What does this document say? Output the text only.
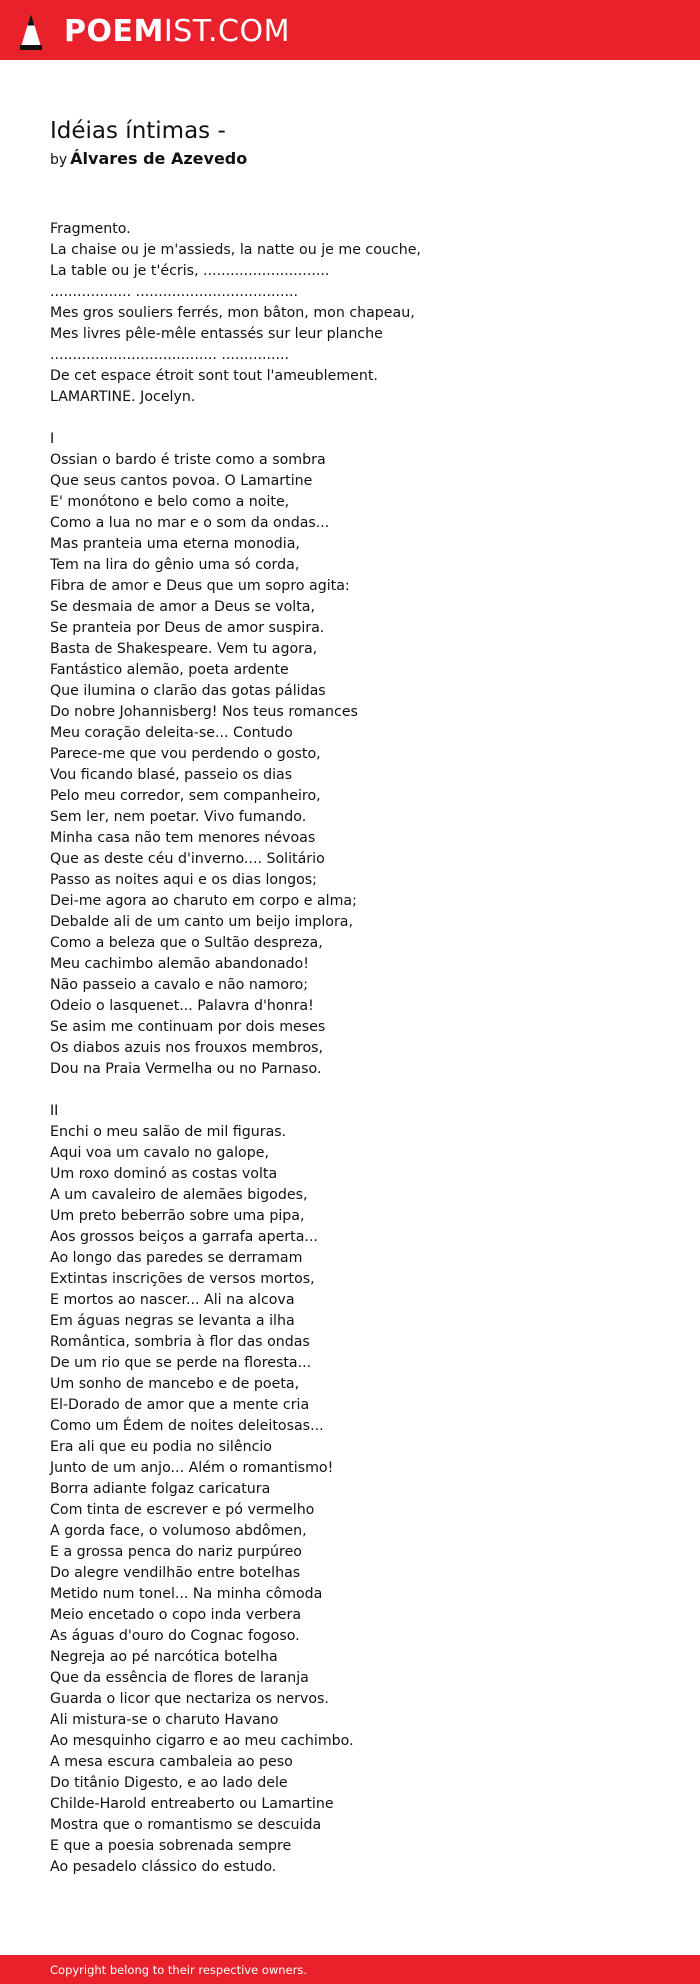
POEMIST.COM
Idéias íntimas -
by Álvares de Azevedo
Fragmento.
La chaise ou je m'assieds, la natte ou je me couche,
La table ou je t'écris, ............................
.................. ....................................
Mes gros souliers ferrés, mon bâton, mon chapeau,
Mes livres pêle-mêle entassés sur leur planche
..................................... ...............
De cet espace étroit sont tout l'ameublement.
LAMARTINE. Jocelyn.
I
Ossian o bardo é triste como a sombra
Que seus cantos povoa. O Lamartine
E' monótono e belo como a noite,
Como a lua no mar e o som da ondas...
Mas pranteia uma eterna monodia,
Tem na lira do gênio uma só corda,
Fibra de amor e Deus que um sopro agita:
Se desmaia de amor a Deus se volta,
Se pranteia por Deus de amor suspira.
Basta de Shakespeare. Vem tu agora,
Fantástico alemão, poeta ardente
Que ilumina o clarão das gotas pálidas
Do nobre Johannisberg! Nos teus romances
Meu coração deleita-se... Contudo
Parece-me que vou perdendo o gosto,
Vou ficando blasé, passeio os dias
Pelo meu corredor, sem companheiro,
Sem ler, nem poetar. Vivo fumando.
Minha casa não tem menores névoas
Que as deste céu d'inverno.... Solitário
Passo as noites aqui e os dias longos;
Dei-me agora ao charuto em corpo e alma;
Debalde ali de um canto um beijo implora,
Como a beleza que o Sultão despreza,
Meu cachimbo alemão abandonado!
Não passeio a cavalo e não namoro;
Odeio o lasquenet... Palavra d'honra!
Se asim me continuam por dois meses
Os diabos azuis nos frouxos membros,
Dou na Praia Vermelha ou no Parnaso.
II
Enchi o meu salão de mil figuras.
Aqui voa um cavalo no galope,
Um roxo dominó as costas volta
A um cavaleiro de alemães bigodes,
Um preto beberrão sobre uma pipa,
Aos grossos beiços a garrafa aperta...
Ao longo das paredes se derramam
Extintas inscrições de versos mortos,
E mortos ao nascer... Ali na alcova
Em águas negras se levanta a ilha
Romântica, sombria à flor das ondas
De um rio que se perde na floresta...
Um sonho de mancebo e de poeta,
El-Dorado de amor que a mente cria
Como um Édem de noites deleitosas...
Era ali que eu podia no silêncio
Junto de um anjo... Além o romantismo!
Borra adiante folgaz caricatura
Com tinta de escrever e pó vermelho
A gorda face, o volumoso abdômen,
E a grossa penca do nariz purpúreo
Do alegre vendilhão entre botelhas
Metido num tonel... Na minha cômoda
Meio encetado o copo inda verbera
As águas d'ouro do Cognac fogoso.
Negreja ao pé narcótica botelha
Que da essência de flores de laranja
Guarda o licor que nectariza os nervos.
Ali mistura-se o charuto Havano
Ao mesquinho cigarro e ao meu cachimbo.
A mesa escura cambaleia ao peso
Do titânio Digesto, e ao lado dele
Childe-Harold entreaberto ou Lamartine
Mostra que o romantismo se descuida
E que a poesia sobrenada sempre
Ao pesadelo clássico do estudo.
Copyright belong to their respective owners.
